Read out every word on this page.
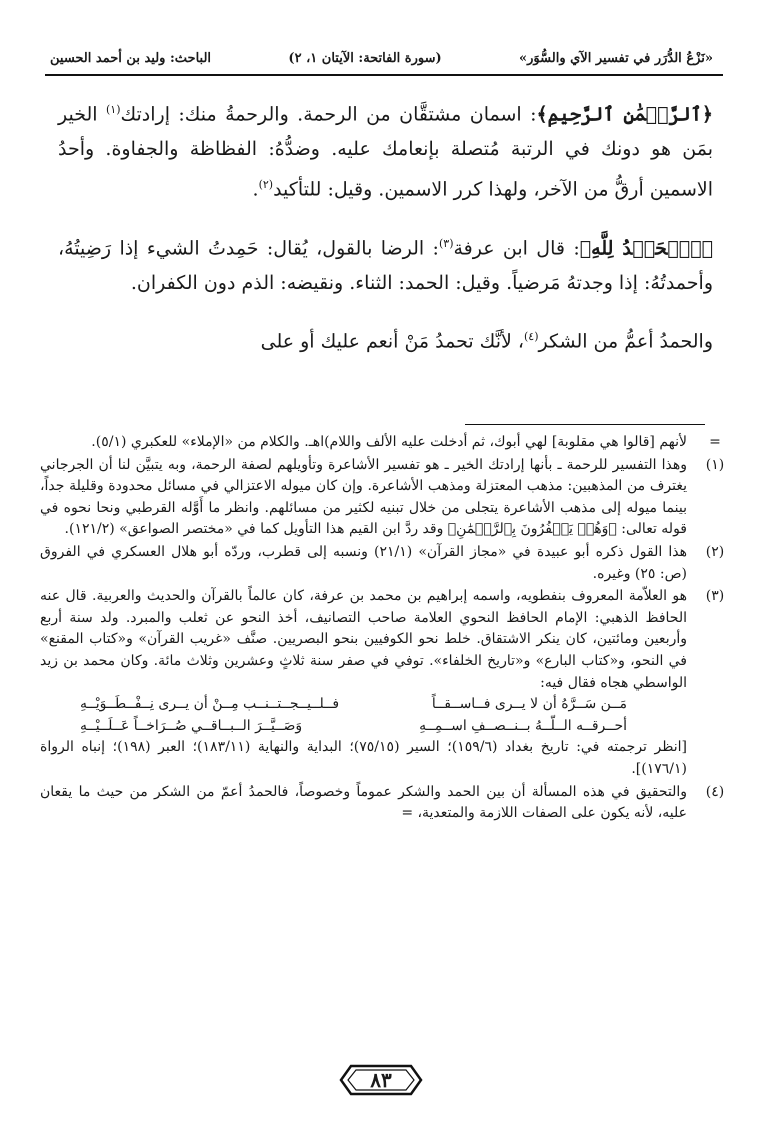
«نَزْعُ الدُّرَر في تفسير الآي والسُّوَر»
(سورة الفاتحة: الآيتان ١، ٢)
الباحث: وليد بن أحمد الحسين

﴿ٱلرَّحۡمَٰنِ ٱلرَّحِيمِ﴾: اسمان مشتقَّان من الرحمة. والرحمةُ منك: إرادتك$^{(١)}$ الخير بمَن هو دونك في الرتبة مُتصلة بإنعامك عليه. وضدُّهُ: الفظاظة والجفاوة. وأحدُ الاسمين أرقُّ من الآخر، ولهذا كرر الاسمين. وقيل: للتأكيد$^{(٢)}$.

﴿ٱلۡحَمۡدُ لِلَّهِ﴾: قال ابن عرفة$^{(٣)}$: الرضا بالقول، يُقال: حَمِدتُ الشيء إذا رَضِيتُهُ، وأحمدتُهُ: إذا وجدتهُ مَرضياً. وقيل: الحمد: الثناء. ونقيضه: الذم دون الكفران.

والحمدُ أعمُّ من الشكر$^{(٤)}$، لأنَّك تحمدُ مَنْ أنعم عليك أو على

=
لأنهم [قالوا هي مقلوبة] لهي أبوك، ثم أدخلت عليه الألف واللام)اهـ. والكلام من «الإملاء» للعكبري (٥/١).
(١)
وهذا التفسير للرحمة ـ بأنها إرادتك الخير ـ هو تفسير الأشاعرة وتأويلهم لصفة الرحمة، وبه يتبيَّن لنا أن الجرجاني يغترف من المذهبين: مذهب المعتزلة ومذهب الأشاعرة. وإن كان ميوله الاعتزالي في مسائل محدودة وقليلة جداً، بينما ميوله إلى مذهب الأشاعرة يتجلى من خلال تبنيه لكثير من مسائلهم. وانظر ما أَوَّله القرطبي ونحا نحوه في قوله تعالى: ﴿وَهُمۡ يَكۡفُرُونَ بِٱلرَّحۡمَٰنِ﴾ وقد ردَّ ابن القيم هذا التأويل كما في «مختصر الصواعق» (١٢١/٢).
(٢)
هذا القول ذكره أبو عبيدة في «مجاز القرآن» (٢١/١) ونسبه إلى قطرب، وردّه أبو هلال العسكري في الفروق (ص: ٢٥) وغيره.
(٣)
هو العلاّمة المعروف بنفطويه، واسمه إبراهيم بن محمد بن عرفة، كان عالماً بالقرآن والحديث والعربية. قال عنه الحافظ الذهبي: الإمام الحافظ النحوي العلامة صاحب التصانيف، أخذ النحو عن ثعلب والمبرد. ولد سنة أربع وأربعين ومائتين، كان ينكر الاشتقاق. خلط نحو الكوفيين بنحو البصريين. صنَّف «غريب القرآن» و«كتاب المقنع» في النحو، و«كتاب البارع» و«تاريخ الخلفاء». توفي في صفر سنة ثلاثٍ وعشرين وثلاث مائة. وكان محمد بن زيد الواسطي هجاه فقال فيه:
مَــن سَــرَّهُ أن لا يــرى فــاســقــاً
فــلــيــجــتــنــب مِــنْ أن يــرى نِــفْــطَــوَيْــهِ
أحــرقــه الــلّــهُ بــنــصــفِ اســمِــهِ
وَصَــيَّــرَ الــبــاقــي صُــرَاخــاً عَــلَــيْــهِ
[انظر ترجمته في: تاريخ بغداد (١٥٩/٦)؛ السير (٧٥/١٥)؛ البداية والنهاية (١٨٣/١١)؛ العبر (١٩٨)؛ إنباه الرواة (١٧٦/١)].
(٤)
والتحقيق في هذه المسألة أن بين الحمد والشكر عموماً وخصوصاً، فالحمدُ أعمّ من الشكر من حيث ما يقعان عليه، لأنه يكون على الصفات اللازمة والمتعدية، =
٨٣
